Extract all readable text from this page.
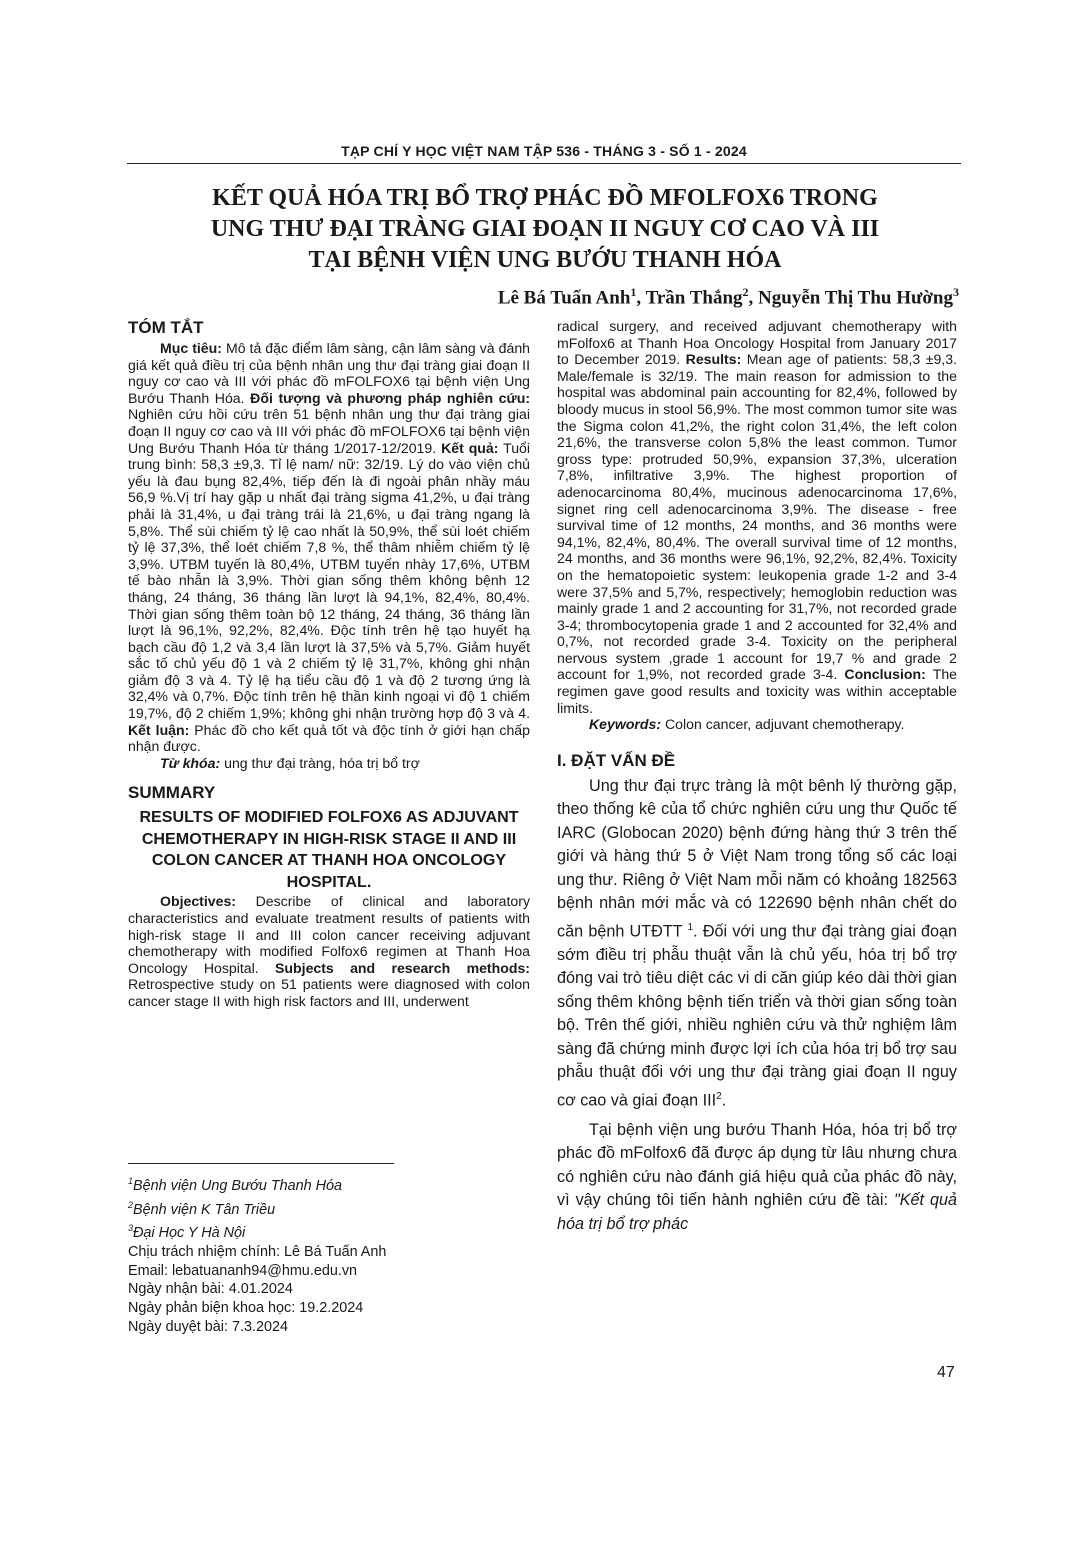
TẠP CHÍ Y HỌC VIỆT NAM TẬP 536 - THÁNG 3 - SỐ 1 - 2024
KẾT QUẢ HÓA TRỊ BỔ TRỢ PHÁC ĐỒ MFOLFOX6 TRONG
UNG THƯ ĐẠI TRÀNG GIAI ĐOẠN II NGUY CƠ CAO VÀ III
TẠI BỆNH VIỆN UNG BƯỚU THANH HÓA
Lê Bá Tuấn Anh$^1$, Trần Thắng$^2$, Nguyễn Thị Thu Hường$^3$
TÓM TẮT

Mục tiêu: Mô tả đặc điểm lâm sàng, cận lâm sàng và đánh giá kết quả điều trị của bệnh nhân ung thư đại tràng giai đoạn II nguy cơ cao và III với phác đồ mFOLFOX6 tại bệnh viện Ung Bướu Thanh Hóa. Đối tượng và phương pháp nghiên cứu: Nghiên cứu hồi cứu trên 51 bệnh nhân ung thư đại tràng giai đoạn II nguy cơ cao và III với phác đồ mFOLFOX6 tại bệnh viện Ung Bướu Thanh Hóa từ tháng 1/2017-12/2019. Kết quả: Tuổi trung bình: 58,3 ±9,3. Tỉ lệ nam/ nữ: 32/19. Lý do vào viện chủ yếu là đau bụng 82,4%, tiếp đến là đi ngoài phân nhầy máu 56,9 %.Vị trí hay gặp u nhất đại tràng sigma 41,2%, u đại tràng phải là 31,4%, u đại tràng trái là 21,6%, u đại tràng ngang là 5,8%. Thể sùi chiếm tỷ lệ cao nhất là 50,9%, thể sùi loét chiếm tỷ lệ 37,3%, thể loét chiếm 7,8 %, thể thâm nhiễm chiếm tỷ lệ 3,9%. UTBM tuyến là 80,4%, UTBM tuyến nhày 17,6%, UTBM tế bào nhẫn là 3,9%. Thời gian sống thêm không bệnh 12 tháng, 24 tháng, 36 tháng lần lượt là 94,1%, 82,4%, 80,4%. Thời gian sống thêm toàn bộ 12 tháng, 24 tháng, 36 tháng lần lượt là 96,1%, 92,2%, 82,4%. Độc tính trên hệ tạo huyết hạ bạch cầu độ 1,2 và 3,4 lần lượt là 37,5% và 5,7%. Giảm huyết sắc tố chủ yếu độ 1 và 2 chiếm tỷ lệ 31,7%, không ghi nhận giảm độ 3 và 4. Tỷ lệ hạ tiểu cầu độ 1 và độ 2 tương ứng là 32,4% và 0,7%. Độc tính trên hệ thần kinh ngoại vi độ 1 chiếm 19,7%, độ 2 chiếm 1,9%; không ghi nhận trường hợp độ 3 và 4. Kết luận: Phác đồ cho kết quả tốt và độc tính ở giới hạn chấp nhận được.

Từ khóa: ung thư đại tràng, hóa trị bổ trợ

SUMMARY
RESULTS OF MODIFIED FOLFOX6 AS ADJUVANT CHEMOTHERAPY IN HIGH-RISK STAGE II AND III COLON CANCER AT THANH HOA ONCOLOGY HOSPITAL.

Objectives: Describe of clinical and laboratory characteristics and evaluate treatment results of patients with high-risk stage II and III colon cancer receiving adjuvant chemotherapy with modified Folfox6 regimen at Thanh Hoa Oncology Hospital. Subjects and research methods: Retrospective study on 51 patients were diagnosed with colon cancer stage II with high risk factors and III, underwent

$^1$Bệnh viện Ung Bướu Thanh Hóa
$^2$Bệnh viện K Tân Triều
$^3$Đại Học Y Hà Nội
Chịu trách nhiệm chính: Lê Bá Tuấn Anh
Email: lebatuananh94@hmu.edu.vn
Ngày nhận bài: 4.01.2024
Ngày phản biện khoa học: 19.2.2024
Ngày duyệt bài: 7.3.2024

radical surgery, and received adjuvant chemotherapy with mFolfox6 at Thanh Hoa Oncology Hospital from January 2017 to December 2019. Results: Mean age of patients: 58,3 ±9,3. Male/female is 32/19. The main reason for admission to the hospital was abdominal pain accounting for 82,4%, followed by bloody mucus in stool 56,9%. The most common tumor site was the Sigma colon 41,2%, the right colon 31,4%, the left colon 21,6%, the transverse colon 5,8% the least common. Tumor gross type: protruded 50,9%, expansion 37,3%, ulceration 7,8%, infiltrative 3,9%. The highest proportion of adenocarcinoma 80,4%, mucinous adenocarcinoma 17,6%, signet ring cell adenocarcinoma 3,9%. The disease - free survival time of 12 months, 24 months, and 36 months were 94,1%, 82,4%, 80,4%. The overall survival time of 12 months, 24 months, and 36 months were 96,1%, 92,2%, 82,4%. Toxicity on the hematopoietic system: leukopenia grade 1-2 and 3-4 were 37,5% and 5,7%, respectively; hemoglobin reduction was mainly grade 1 and 2 accounting for 31,7%, not recorded grade 3-4; thrombocytopenia grade 1 and 2 accounted for 32,4% and 0,7%, not recorded grade 3-4. Toxicity on the peripheral nervous system ,grade 1 account for 19,7 % and grade 2 account for 1,9%, not recorded grade 3-4. Conclusion: The regimen gave good results and toxicity was within acceptable limits.

Keywords: Colon cancer, adjuvant chemotherapy.

I. ĐẶT VẤN ĐỀ

Ung thư đại trực tràng là một bênh lý thường gặp, theo thống kê của tổ chức nghiên cứu ung thư Quốc tế IARC (Globocan 2020) bệnh đứng hàng thứ 3 trên thế giới và hàng thứ 5 ở Việt Nam trong tổng số các loại ung thư. Riêng ở Việt Nam mỗi năm có khoảng 182563 bệnh nhân mới mắc và có 122690 bệnh nhân chết do căn bệnh UTĐTT $^1$. Đối với ung thư đại tràng giai đoạn sớm điều trị phẫu thuật vẫn là chủ yếu, hóa trị bổ trợ đóng vai trò tiêu diệt các vi di căn giúp kéo dài thời gian sống thêm không bệnh tiến triển và thời gian sống toàn bộ. Trên thế giới, nhiều nghiên cứu và thử nghiệm lâm sàng đã chứng minh được lợi ích của hóa trị bổ trợ sau phẫu thuật đối với ung thư đại tràng giai đoạn II nguy cơ cao và giai đoạn III$^2$.

Tại bệnh viện ung bướu Thanh Hóa, hóa trị bổ trợ phác đồ mFolfox6 đã được áp dụng từ lâu nhưng chưa có nghiên cứu nào đánh giá hiệu quả của phác đồ này, vì vậy chúng tôi tiến hành nghiên cứu đề tài: "Kết quả hóa trị bổ trợ phác

47
